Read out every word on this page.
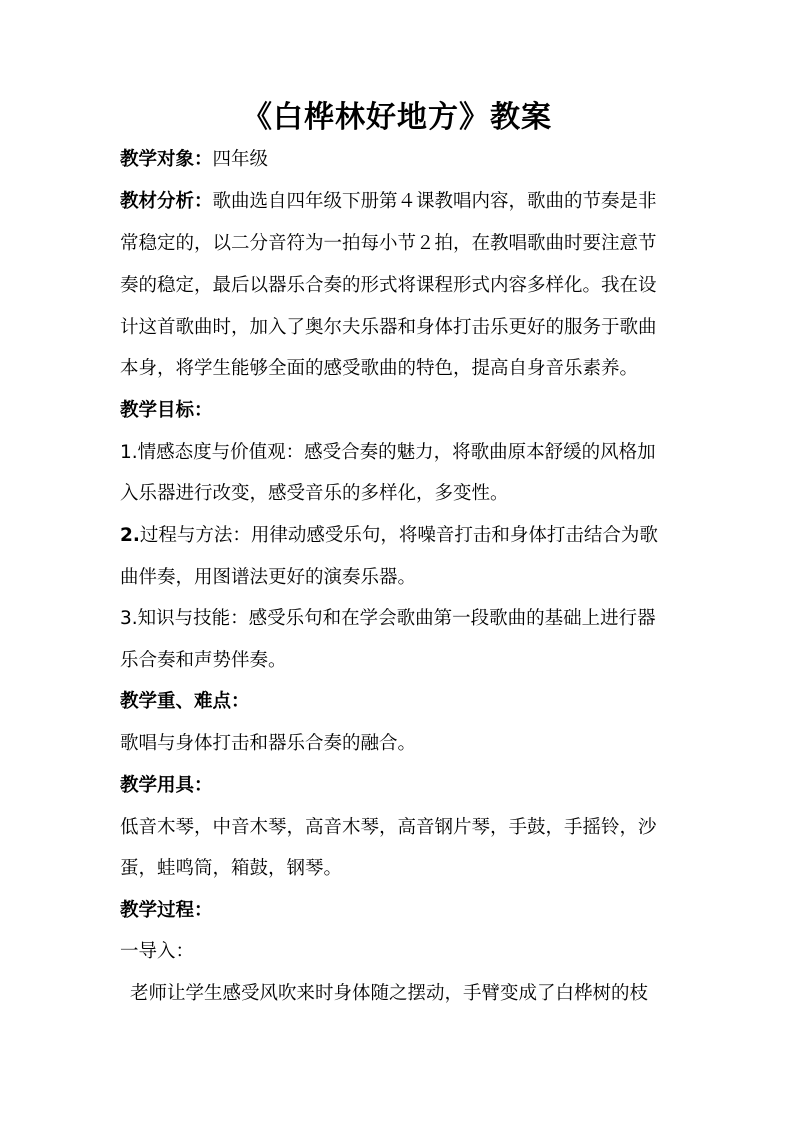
《白桦林好地方》教案
教学对象：四年级
教材分析：歌曲选自四年级下册第４课教唱内容，歌曲的节奏是非
常稳定的，以二分音符为一拍每小节２拍，在教唱歌曲时要注意节
奏的稳定，最后以器乐合奏的形式将课程形式内容多样化。我在设
计这首歌曲时，加入了奥尔夫乐器和身体打击乐更好的服务于歌曲
本身，将学生能够全面的感受歌曲的特色，提高自身音乐素养。
教学目标：
1.情感态度与价值观：感受合奏的魅力，将歌曲原本舒缓的风格加
入乐器进行改变，感受音乐的多样化，多变性。
2.过程与方法：用律动感受乐句，将噪音打击和身体打击结合为歌
曲伴奏，用图谱法更好的演奏乐器。
3.知识与技能：感受乐句和在学会歌曲第一段歌曲的基础上进行器
乐合奏和声势伴奏。
教学重、难点：
歌唱与身体打击和器乐合奏的融合。
教学用具：
低音木琴，中音木琴，高音木琴，高音钢片琴，手鼓，手摇铃，沙
蛋，蛙鸣筒，箱鼓，钢琴。
教学过程：
一导入：
老师让学生感受风吹来时身体随之摆动，手臂变成了白桦树的枝
